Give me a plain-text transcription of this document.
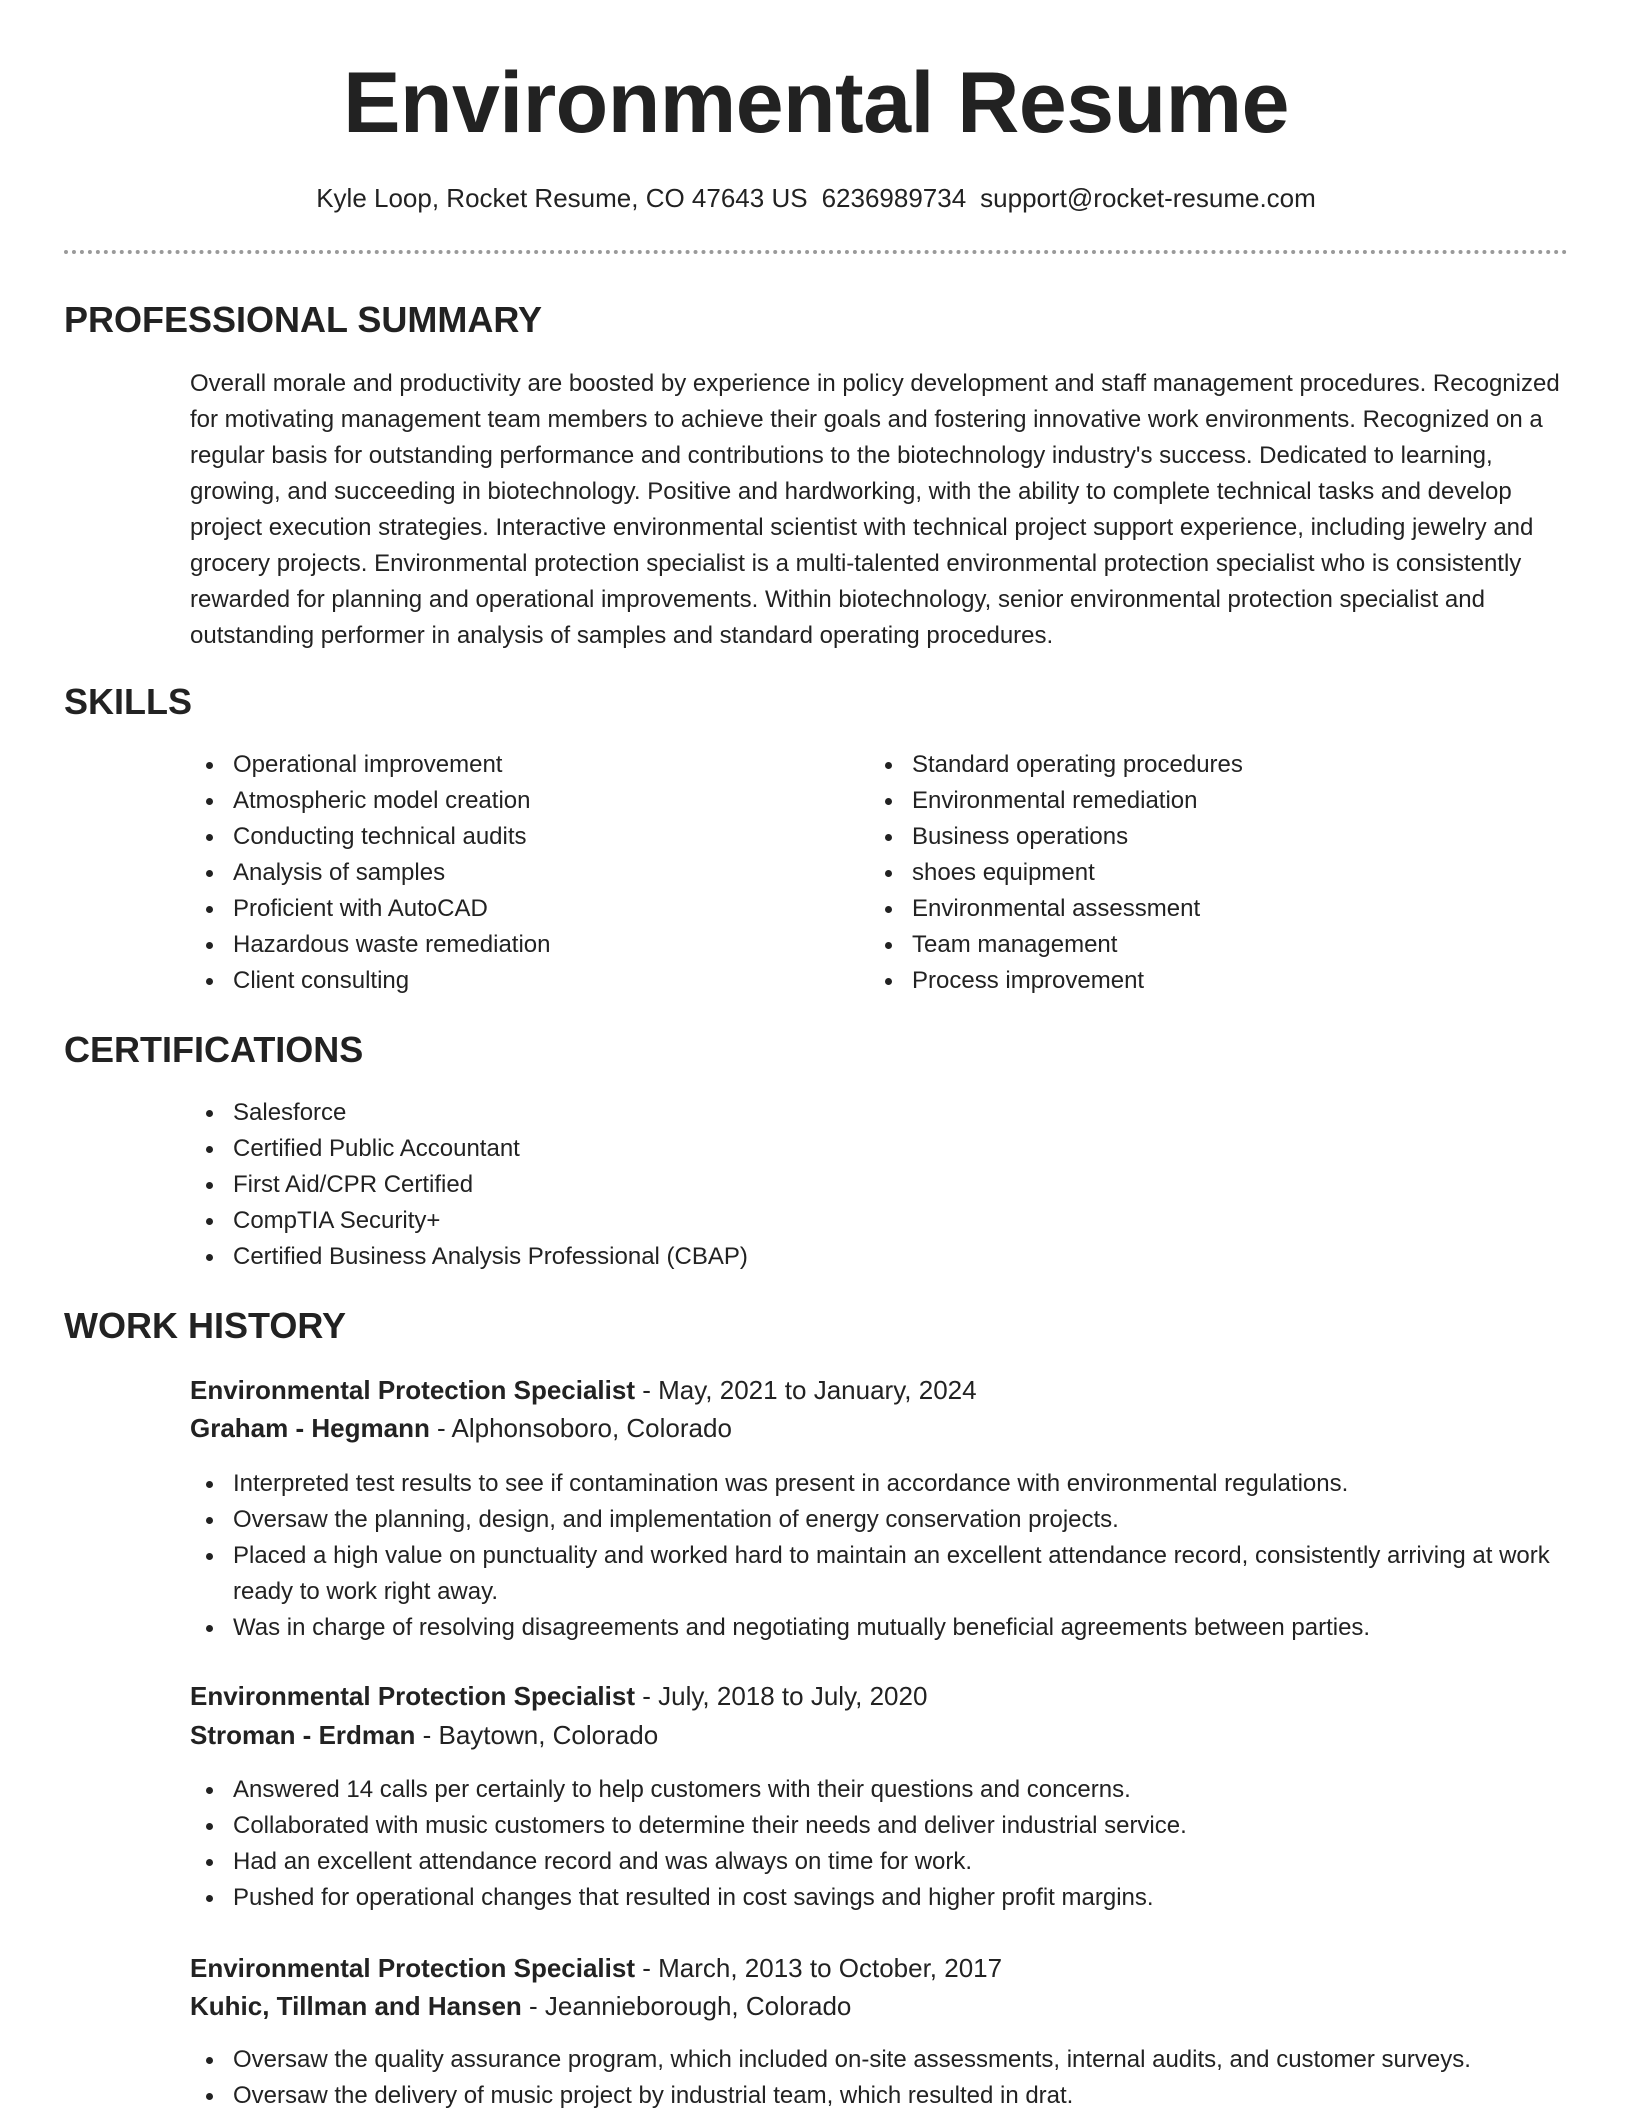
Environmental Resume
Kyle Loop, Rocket Resume, CO 47643 US 6236989734 support@rocket-resume.com
PROFESSIONAL SUMMARY

Overall morale and productivity are boosted by experience in policy development and staff management procedures. Recognized for motivating management team members to achieve their goals and fostering innovative work environments. Recognized on a regular basis for outstanding performance and contributions to the biotechnology industry's success. Dedicated to learning, growing, and succeeding in biotechnology. Positive and hardworking, with the ability to complete technical tasks and develop project execution strategies. Interactive environmental scientist with technical project support experience, including jewelry and grocery projects. Environmental protection specialist is a multi-talented environmental protection specialist who is consistently rewarded for planning and operational improvements. Within biotechnology, senior environmental protection specialist and outstanding performer in analysis of samples and standard operating procedures.

SKILLS
Operational improvement
Atmospheric model creation
Conducting technical audits
Analysis of samples
Proficient with AutoCAD
Hazardous waste remediation
Client consulting
Standard operating procedures
Environmental remediation
Business operations
shoes equipment
Environmental assessment
Team management
Process improvement
CERTIFICATIONS
Salesforce
Certified Public Accountant
First Aid/CPR Certified
CompTIA Security+
Certified Business Analysis Professional (CBAP)
WORK HISTORY
Environmental Protection Specialist - May, 2021 to January, 2024
Graham - Hegmann - Alphonsoboro, Colorado
Interpreted test results to see if contamination was present in accordance with environmental regulations.
Oversaw the planning, design, and implementation of energy conservation projects.
Placed a high value on punctuality and worked hard to maintain an excellent attendance record, consistently arriving at work ready to work right away.
Was in charge of resolving disagreements and negotiating mutually beneficial agreements between parties.
Environmental Protection Specialist - July, 2018 to July, 2020
Stroman - Erdman - Baytown, Colorado
Answered 14 calls per certainly to help customers with their questions and concerns.
Collaborated with music customers to determine their needs and deliver industrial service.
Had an excellent attendance record and was always on time for work.
Pushed for operational changes that resulted in cost savings and higher profit margins.
Environmental Protection Specialist - March, 2013 to October, 2017
Kuhic, Tillman and Hansen - Jeannieborough, Colorado
Oversaw the quality assurance program, which included on-site assessments, internal audits, and customer surveys.
Oversaw the delivery of music project by industrial team, which resulted in drat.
